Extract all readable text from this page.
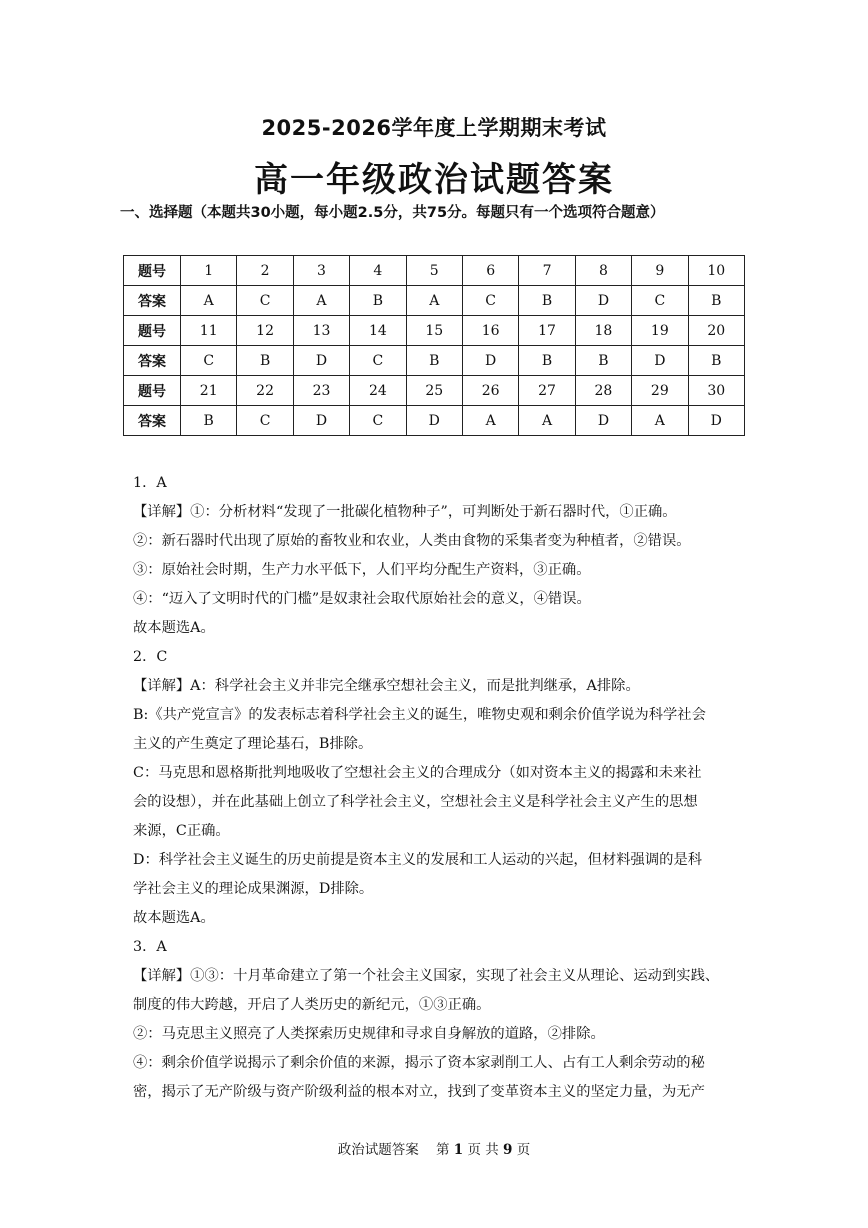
2025-2026学年度上学期期末考试
高一年级政治试题答案
一、选择题（本题共30小题，每小题2.5分，共75分。每题只有一个选项符合题意）
题号	1	2	3	4	5	6	7	8	9	10
答案	A	C	A	B	A	C	B	D	C	B
题号	11	12	13	14	15	16	17	18	19	20
答案	C	B	D	C	B	D	B	B	D	B
题号	21	22	23	24	25	26	27	28	29	30
答案	B	C	D	C	D	A	A	D	A	D

1．A

【详解】①：分析材料“发现了一批碳化植物种子”，可判断处于新石器时代，①正确。

②：新石器时代出现了原始的畜牧业和农业，人类由食物的采集者变为种植者，②错误。

③：原始社会时期，生产力水平低下，人们平均分配生产资料，③正确。

④：“迈入了文明时代的门槛”是奴隶社会取代原始社会的意义，④错误。

故本题选A。

2．C

【详解】A：科学社会主义并非完全继承空想社会主义，而是批判继承，A排除。

B:《共产党宣言》的发表标志着科学社会主义的诞生，唯物史观和剩余价值学说为科学社会

主义的产生奠定了理论基石，B排除。

C：马克思和恩格斯批判地吸收了空想社会主义的合理成分（如对资本主义的揭露和未来社

会的设想），并在此基础上创立了科学社会主义，空想社会主义是科学社会主义产生的思想

来源，C正确。

D：科学社会主义诞生的历史前提是资本主义的发展和工人运动的兴起，但材料强调的是科

学社会主义的理论成果渊源，D排除。

故本题选A。

3．A

【详解】①③：十月革命建立了第一个社会主义国家，实现了社会主义从理论、运动到实践、

制度的伟大跨越，开启了人类历史的新纪元，①③正确。

②：马克思主义照亮了人类探索历史规律和寻求自身解放的道路，②排除。

④：剩余价值学说揭示了剩余价值的来源，揭示了资本家剥削工人、占有工人剩余劳动的秘

密，揭示了无产阶级与资产阶级利益的根本对立，找到了变革资本主义的坚定力量，为无产

政治试题答案 第 1 页 共 9 页
